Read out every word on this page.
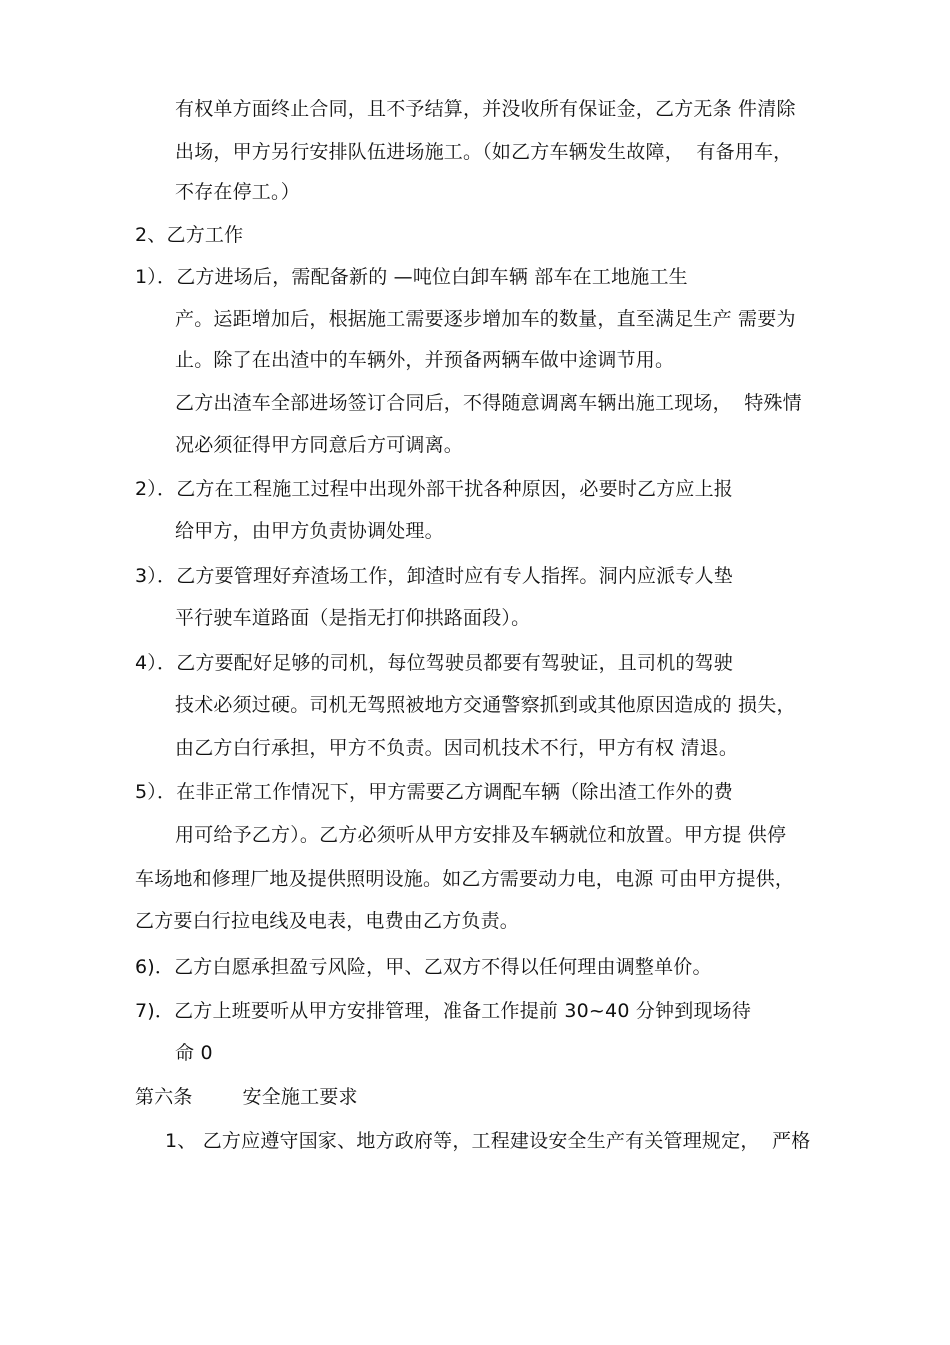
有权单方面终止合同，且不予结算，并没收所有保证金，乙方无条 件清除
出场，甲方另行安排队伍进场施工。（如乙方车辆发生故障，  有备用车，
不存在停工。）
2、乙方工作
1）．乙方进场后，需配备新的 —吨位白卸车辆 部车在工地施工生
产。运距增加后，根据施工需要逐步增加车的数量，直至满足生产 需要为
止。除了在出渣中的车辆外，并预备两辆车做中途调节用。
乙方出渣车全部进场签订合同后，不得随意调离车辆出施工现场，  特殊情
况必须征得甲方同意后方可调离。
2）．乙方在工程施工过程中出现外部干扰各种原因，必要时乙方应上报
给甲方，由甲方负责协调处理。
3）．乙方要管理好弃渣场工作，卸渣时应有专人指挥。洞内应派专人垫
平行驶车道路面（是指无打仰拱路面段）。
4）．乙方要配好足够的司机，每位驾驶员都要有驾驶证，且司机的驾驶
技术必须过硬。司机无驾照被地方交通警察抓到或其他原因造成的 损失，
由乙方白行承担，甲方不负责。因司机技术不行，甲方有权 清退。
5）．在非正常工作情况下，甲方需要乙方调配车辆（除出渣工作外的费
用可给予乙方）。乙方必须听从甲方安排及车辆就位和放置。甲方提 供停
车场地和修理厂地及提供照明设施。如乙方需要动力电，电源 可由甲方提供，
乙方要白行拉电线及电表，电费由乙方负责。
6)．乙方白愿承担盈亏风险，甲、乙双方不得以任何理由调整单价。
7)．乙方上班要听从甲方安排管理，准备工作提前 30~40 分钟到现场待
命 0
第六条        安全施工要求
1、 乙方应遵守国家、地方政府等，工程建设安全生产有关管理规定，  严格
